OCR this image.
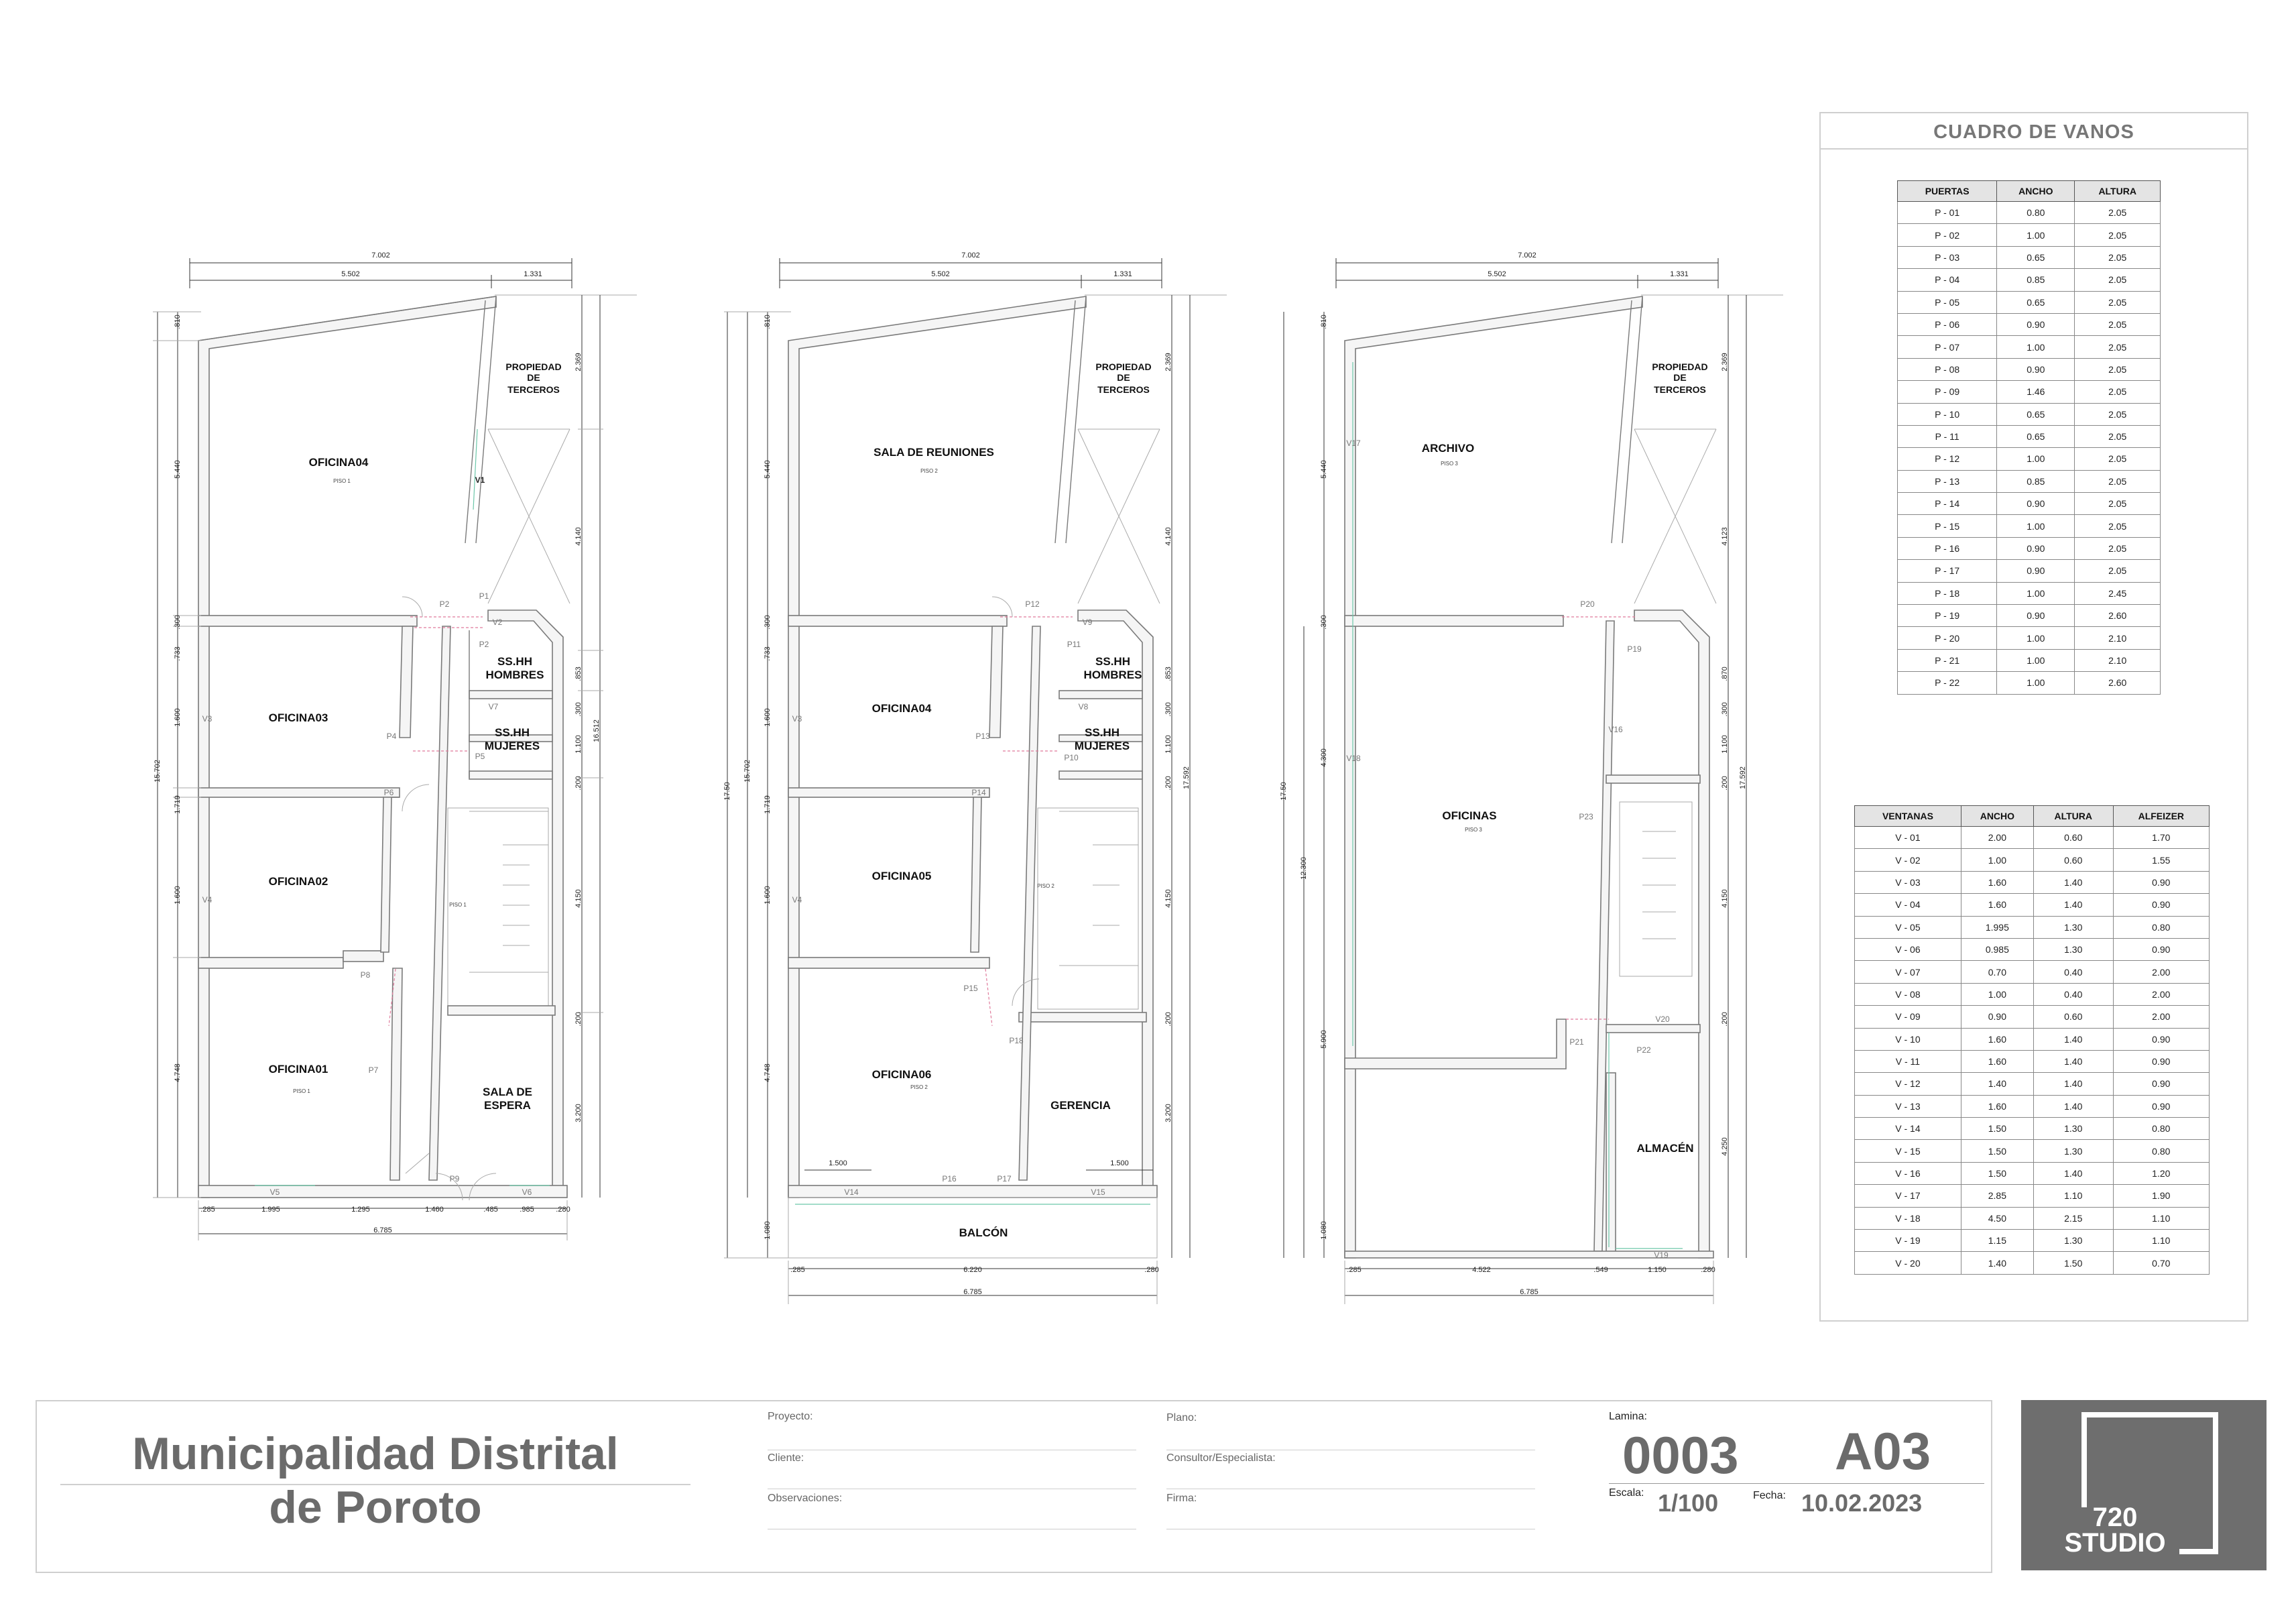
7.002
5.502	1.331
.810
5.440
.300
.733
1.600
1.719
1.600
4.748
15.702
2.369
4.140
.853
.300
1.100
.200
4.150
.200
3.200
16.512
.285	1.995	1.295	1.460	.485	.985	.280
6.785
OFICINA04
OFICINA03
OFICINA02
OFICINA01
PROPIEDAD
DE
TERCEROS
SS.HH
HOMBRES
SS.HH
MUJERES
SALA DE
ESPERA
PISO 1
PISO 1
PISO 1
P1
P2
P2
V2
V1
V3
P4
P5
V7
P6
V4
P8
P7
P9
V5	V6
7.002
5.502	1.331
1.500	1.500
.810
5.440
.300
.733
1.600
1.719
1.600
4.748
1.080
15.702
17.50
2.369
4.140
.853
.300
1.100
.200
4.150
.200
3.200
17.592
.285	6.220	.280
6.785
SALA DE REUNIONES
OFICINA04
OFICINA05
OFICINA06
PROPIEDAD
DE
TERCEROS
SS.HH
HOMBRES
SS.HH
MUJERES
GERENCIA
BALCÓN
PISO 2
PISO 2
PISO 2
P12
V9
P11
V3
V8
P13
P10
P14
V4
P15
P18
P16	P17
V14	V15
7.002
5.502	1.331
.810
5.440
.300
4.300
5.900
1.080
12.300
17.50
2.369
4.123
.870
.300
1.100
.200
4.150
.200
4.250
17.592
.285	4.522	.549	1.150	.280
6.785
ARCHIVO
OFICINAS
ALMACÉN
PROPIEDAD
DE
TERCEROS
PISO 3
PISO 3
V17
P20
P19
V16
V18
P23
V20
P21
P22
V19
CUADRO DE VANOS
PUERTAS	ANCHO	ALTURA
P - 01	0.80	2.05
P - 02	1.00	2.05
P - 03	0.65	2.05
P - 04	0.85	2.05
P - 05	0.65	2.05
P - 06	0.90	2.05
P - 07	1.00	2.05
P - 08	0.90	2.05
P - 09	1.46	2.05
P - 10	0.65	2.05
P - 11	0.65	2.05
P - 12	1.00	2.05
P - 13	0.85	2.05
P - 14	0.90	2.05
P - 15	1.00	2.05
P - 16	0.90	2.05
P - 17	0.90	2.05
P - 18	1.00	2.45
P - 19	0.90	2.60
P - 20	1.00	2.10
P - 21	1.00	2.10
P - 22	1.00	2.60
VENTANAS	ANCHO	ALTURA	ALFEIZER
V - 01	2.00	0.60	1.70
V - 02	1.00	0.60	1.55
V - 03	1.60	1.40	0.90
V - 04	1.60	1.40	0.90
V - 05	1.995	1.30	0.80
V - 06	0.985	1.30	0.90
V - 07	0.70	0.40	2.00
V - 08	1.00	0.40	2.00
V - 09	0.90	0.60	2.00
V - 10	1.60	1.40	0.90
V - 11	1.60	1.40	0.90
V - 12	1.40	1.40	0.90
V - 13	1.60	1.40	0.90
V - 14	1.50	1.30	0.80
V - 15	1.50	1.30	0.80
V - 16	1.50	1.40	1.20
V - 17	2.85	1.10	1.90
V - 18	4.50	2.15	1.10
V - 19	1.15	1.30	1.10
V - 20	1.40	1.50	0.70
Municipalidad Distrital
de Poroto
Proyecto:
Cliente:
Observaciones:
Plano:
Consultor/Especialista:
Firma:
Lamina:
0003 A03
Escala: 1/100	Fecha: 10.02.2023	720
STUDIO
